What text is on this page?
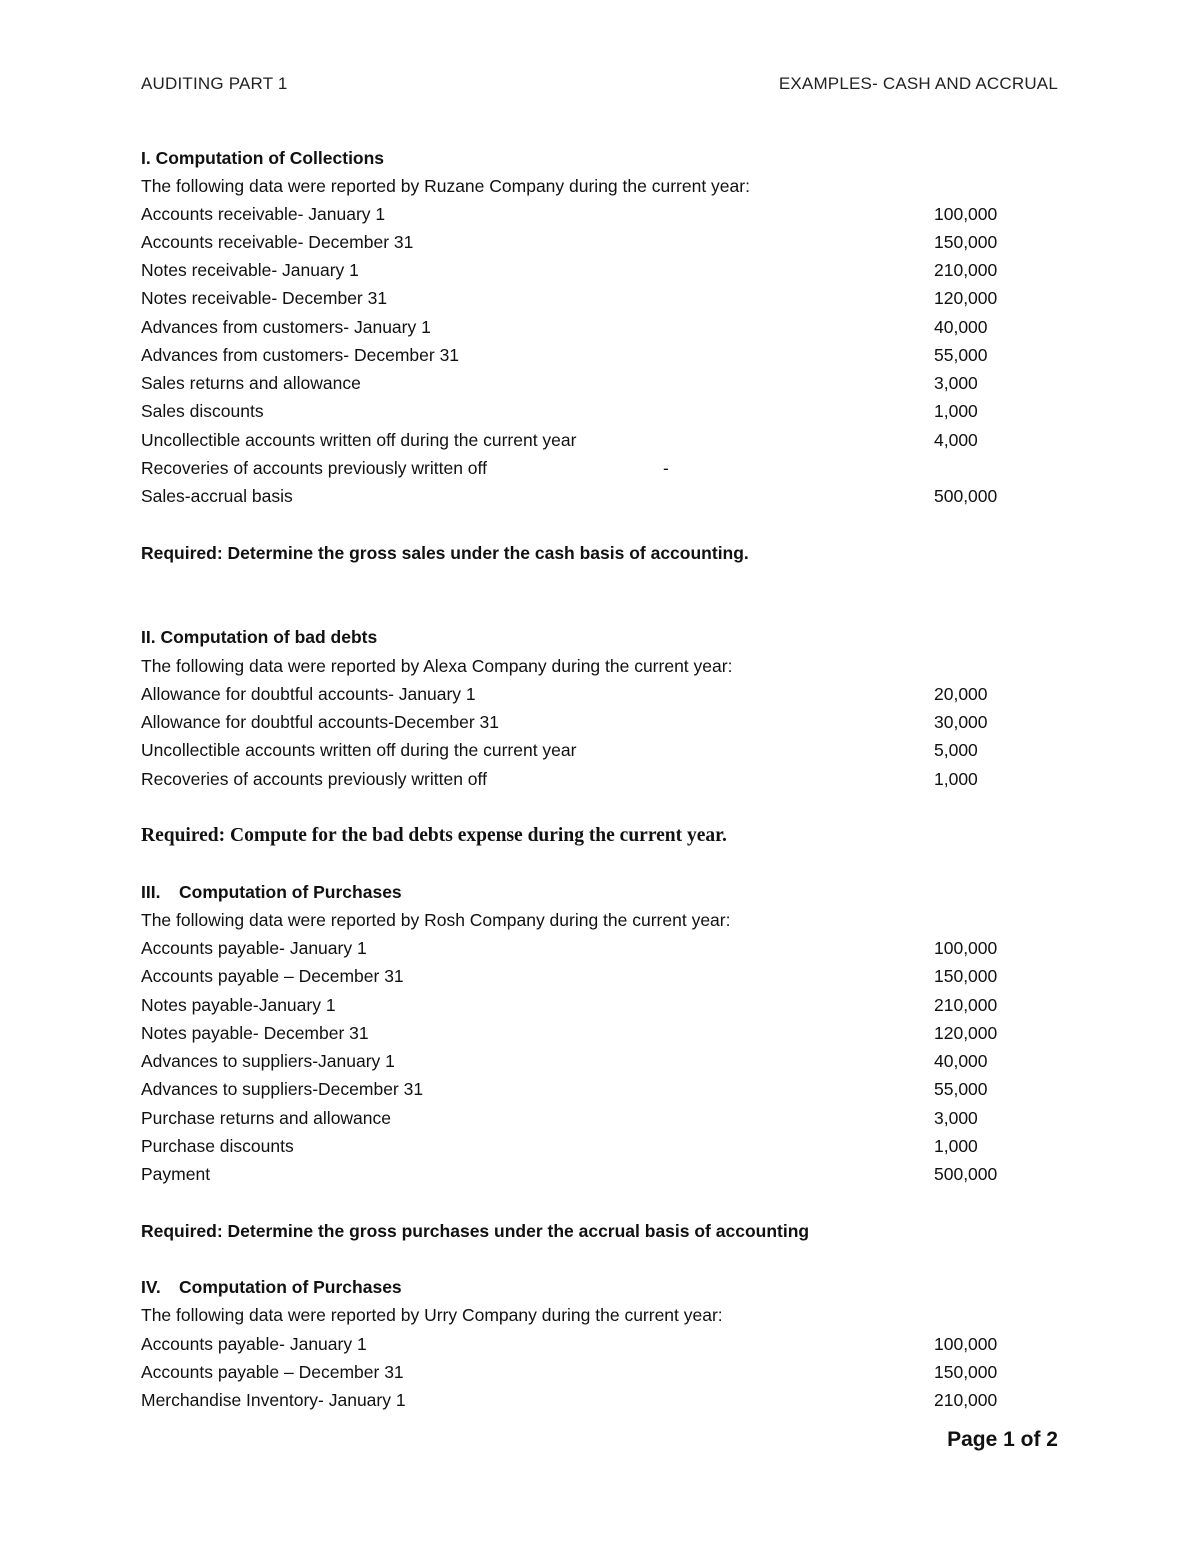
AUDITING PART 1	EXAMPLES- CASH AND ACCRUAL
I. Computation of Collections
The following data were reported by Ruzane Company during the current year:
Accounts receivable- January 1	100,000
Accounts receivable- December 31	150,000
Notes receivable- January 1	210,000
Notes receivable- December 31	120,000
Advances from customers- January 1	40,000
Advances from customers- December 31	55,000
Sales returns and allowance	3,000
Sales discounts	1,000
Uncollectible accounts written off during the current year	4,000
Recoveries of accounts previously written off	-
Sales-accrual basis	500,000
Required: Determine the gross sales under the cash basis of accounting.
II. Computation of bad debts
The following data were reported by Alexa Company during the current year:
Allowance for doubtful accounts- January 1	20,000
Allowance for doubtful accounts-December 31	30,000
Uncollectible accounts written off during the current year	5,000
Recoveries of accounts previously written off	1,000
Required: Compute for the bad debts expense during the current year.
III. Computation of Purchases
The following data were reported by Rosh Company during the current year:
Accounts payable- January 1	100,000
Accounts payable – December 31	150,000
Notes payable-January 1	210,000
Notes payable- December 31	120,000
Advances to suppliers-January 1	40,000
Advances to suppliers-December 31	55,000
Purchase returns and allowance	3,000
Purchase discounts	1,000
Payment	500,000
Required: Determine the gross purchases under the accrual basis of accounting
IV. Computation of Purchases
The following data were reported by Urry Company during the current year:
Accounts payable- January 1	100,000
Accounts payable – December 31	150,000
Merchandise Inventory- January 1	210,000
Page 1 of 2
